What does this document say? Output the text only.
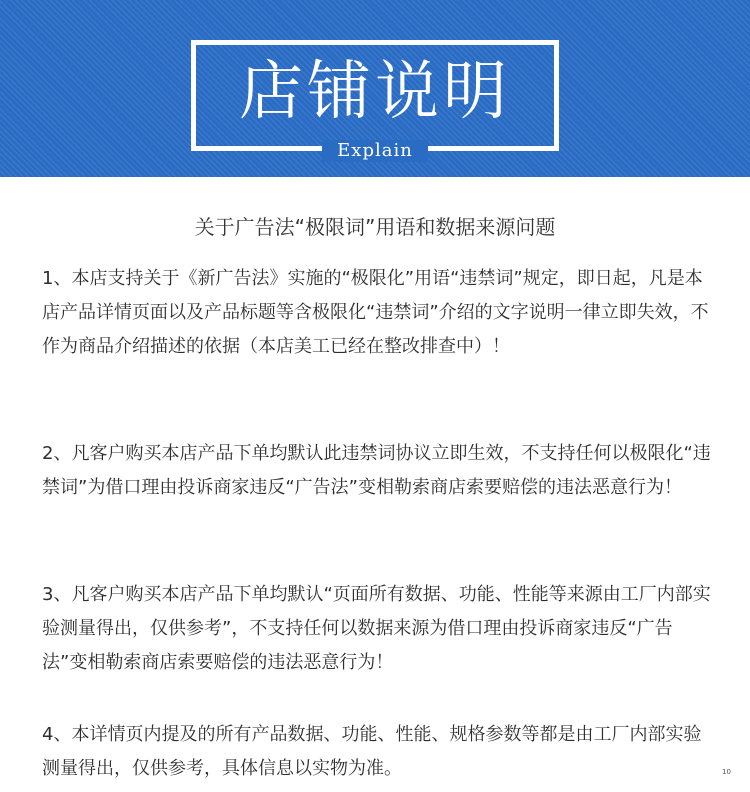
店铺说明
Explain
关于广告法“极限词”用语和数据来源问题

1、本店支持关于《新广告法》实施的“极限化”用语“违禁词”规定，即日起，凡是本店产品详情页面以及产品标题等含极限化“违禁词”介绍的文字说明一律立即失效，不作为商品介绍描述的依据（本店美工已经在整改排查中）！

2、凡客户购买本店产品下单均默认此违禁词协议立即生效，不支持任何以极限化“违禁词”为借口理由投诉商家违反“广告法”变相勒索商店索要赔偿的违法恶意行为！

3、凡客户购买本店产品下单均默认“页面所有数据、功能、性能等来源由工厂内部实验测量得出，仅供参考”，不支持任何以数据来源为借口理由投诉商家违反“广告法”变相勒索商店索要赔偿的违法恶意行为！

4、本详情页内提及的所有产品数据、功能、性能、规格参数等都是由工厂内部实验测量得出，仅供参考，具体信息以实物为准。	10
